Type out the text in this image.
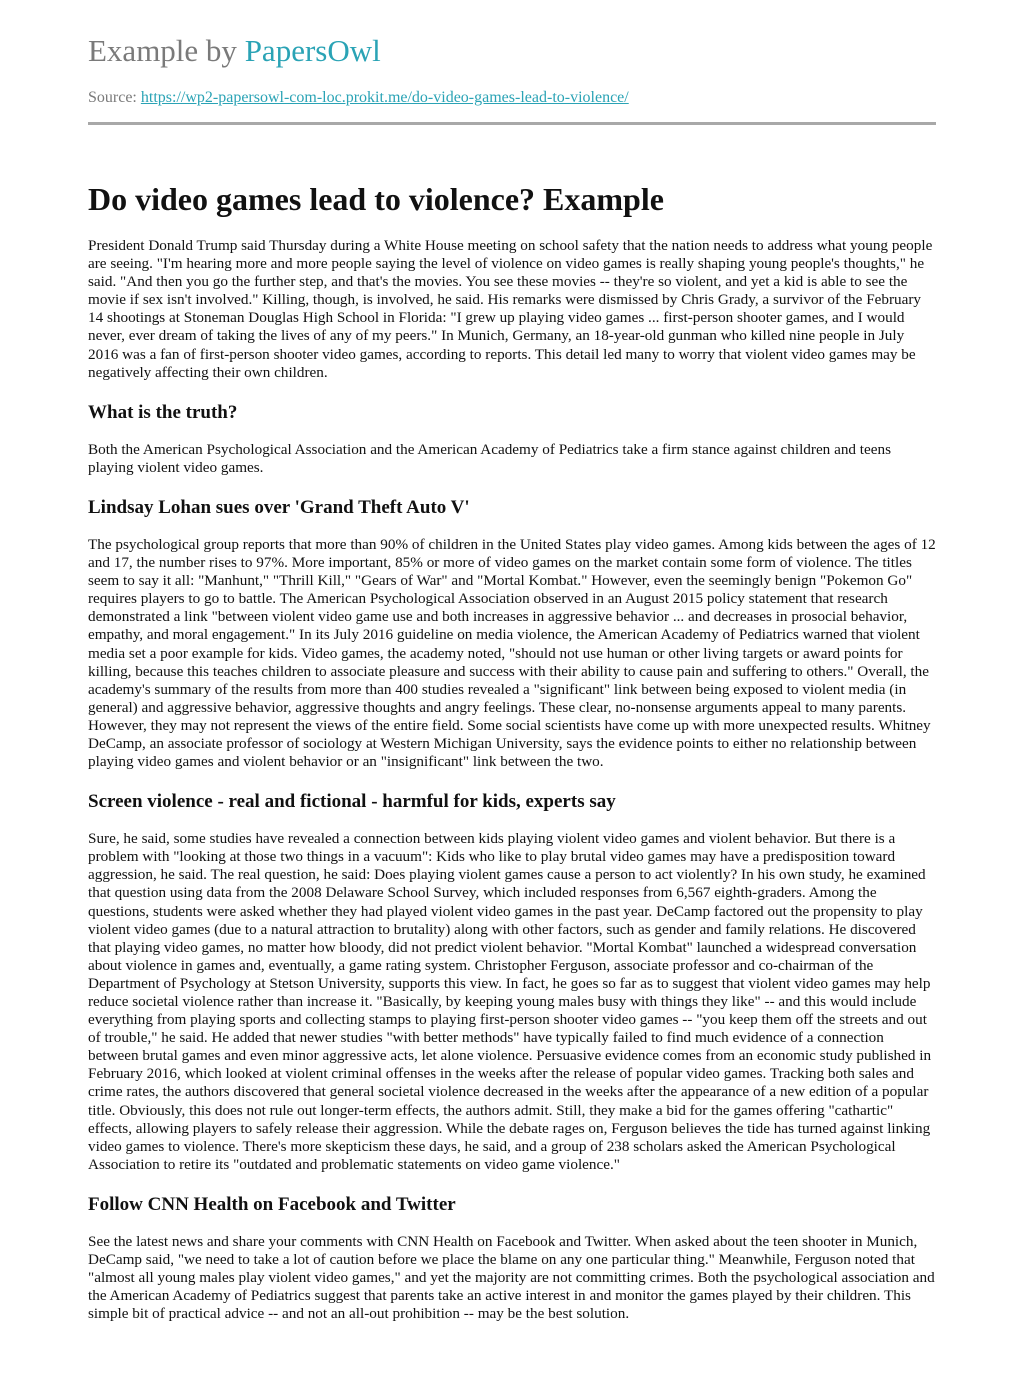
Example by PapersOwl
Source: https://wp2-papersowl-com-loc.prokit.me/do-video-games-lead-to-violence/
Do video games lead to violence? Example

President Donald Trump said Thursday during a White House meeting on school safety that the nation needs to address what young people are seeing. "I'm hearing more and more people saying the level of violence on video games is really shaping young people's thoughts," he said. "And then you go the further step, and that's the movies. You see these movies -- they're so violent, and yet a kid is able to see the movie if sex isn't involved." Killing, though, is involved, he said. His remarks were dismissed by Chris Grady, a survivor of the February 14 shootings at Stoneman Douglas High School in Florida: "I grew up playing video games ... first-person shooter games, and I would never, ever dream of taking the lives of any of my peers." In Munich, Germany, an 18-year-old gunman who killed nine people in July 2016 was a fan of first-person shooter video games, according to reports. This detail led many to worry that violent video games may be negatively affecting their own children.

What is the truth?

Both the American Psychological Association and the American Academy of Pediatrics take a firm stance against children and teens playing violent video games.

Lindsay Lohan sues over 'Grand Theft Auto V'

The psychological group reports that more than 90% of children in the United States play video games. Among kids between the ages of 12 and 17, the number rises to 97%. More important, 85% or more of video games on the market contain some form of violence. The titles seem to say it all: "Manhunt," "Thrill Kill," "Gears of War" and "Mortal Kombat." However, even the seemingly benign "Pokemon Go" requires players to go to battle. The American Psychological Association observed in an August 2015 policy statement that research demonstrated a link "between violent video game use and both increases in aggressive behavior ... and decreases in prosocial behavior, empathy, and moral engagement." In its July 2016 guideline on media violence, the American Academy of Pediatrics warned that violent media set a poor example for kids. Video games, the academy noted, "should not use human or other living targets or award points for killing, because this teaches children to associate pleasure and success with their ability to cause pain and suffering to others." Overall, the academy's summary of the results from more than 400 studies revealed a "significant" link between being exposed to violent media (in general) and aggressive behavior, aggressive thoughts and angry feelings. These clear, no-nonsense arguments appeal to many parents. However, they may not represent the views of the entire field. Some social scientists have come up with more unexpected results. Whitney DeCamp, an associate professor of sociology at Western Michigan University, says the evidence points to either no relationship between playing video games and violent behavior or an "insignificant" link between the two.

Screen violence - real and fictional - harmful for kids, experts say

Sure, he said, some studies have revealed a connection between kids playing violent video games and violent behavior. But there is a problem with "looking at those two things in a vacuum": Kids who like to play brutal video games may have a predisposition toward aggression, he said. The real question, he said: Does playing violent games cause a person to act violently? In his own study, he examined that question using data from the 2008 Delaware School Survey, which included responses from 6,567 eighth-graders. Among the questions, students were asked whether they had played violent video games in the past year. DeCamp factored out the propensity to play violent video games (due to a natural attraction to brutality) along with other factors, such as gender and family relations. He discovered that playing video games, no matter how bloody, did not predict violent behavior. "Mortal Kombat" launched a widespread conversation about violence in games and, eventually, a game rating system. Christopher Ferguson, associate professor and co-chairman of the Department of Psychology at Stetson University, supports this view. In fact, he goes so far as to suggest that violent video games may help reduce societal violence rather than increase it. "Basically, by keeping young males busy with things they like" -- and this would include everything from playing sports and collecting stamps to playing first-person shooter video games -- "you keep them off the streets and out of trouble," he said. He added that newer studies "with better methods" have typically failed to find much evidence of a connection between brutal games and even minor aggressive acts, let alone violence. Persuasive evidence comes from an economic study published in February 2016, which looked at violent criminal offenses in the weeks after the release of popular video games. Tracking both sales and crime rates, the authors discovered that general societal violence decreased in the weeks after the appearance of a new edition of a popular title. Obviously, this does not rule out longer-term effects, the authors admit. Still, they make a bid for the games offering "cathartic" effects, allowing players to safely release their aggression. While the debate rages on, Ferguson believes the tide has turned against linking video games to violence. There's more skepticism these days, he said, and a group of 238 scholars asked the American Psychological Association to retire its "outdated and problematic statements on video game violence."

Follow CNN Health on Facebook and Twitter

See the latest news and share your comments with CNN Health on Facebook and Twitter. When asked about the teen shooter in Munich, DeCamp said, "we need to take a lot of caution before we place the blame on any one particular thing." Meanwhile, Ferguson noted that "almost all young males play violent video games," and yet the majority are not committing crimes. Both the psychological association and the American Academy of Pediatrics suggest that parents take an active interest in and monitor the games played by their children. This simple bit of practical advice -- and not an all-out prohibition -- may be the best solution.
